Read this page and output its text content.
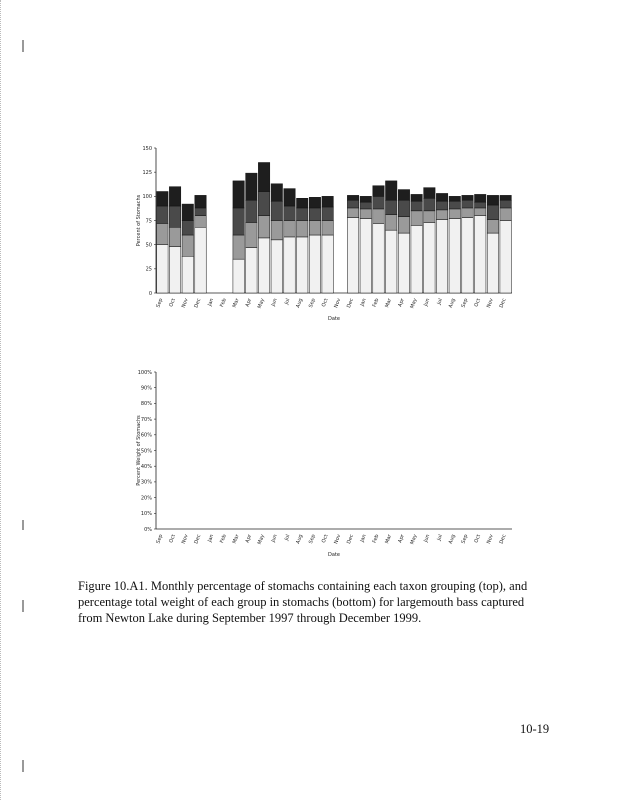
0
25
50
75
100
125
150
Sep Oct Nov Dec Jan Feb Mar Apr May Jun Jul Aug Sep Oct Nov Dec Jan Feb Mar Apr May Jun Jul Aug Sep Oct Nov Dec
Date
Percent of Stomachs
0%
10%
20%
30%
40%
50%
60%
70%
80%
90%
100%
Sep Oct Nov Dec Jan Feb Mar Apr May Jun Jul Aug Sep Oct Nov Dec Jan Feb Mar Apr May Jun Jul Aug Sep Oct Nov Dec
Date
Percent Weight of Stomachs

Figure 10.A1. Monthly percentage of stomachs containing each taxon grouping (top), and percentage total weight of each group in stomachs (bottom) for largemouth bass captured from Newton Lake during September 1997 through December 1999.

10-19
